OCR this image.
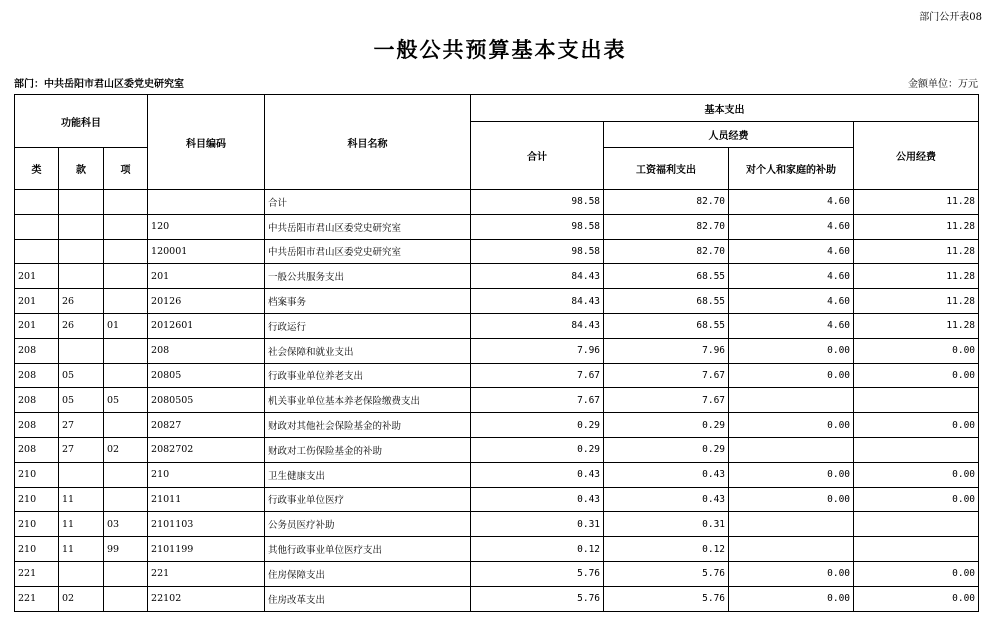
部门公开表08
一般公共预算基本支出表
部门：中共岳阳市君山区委党史研究室	金额单位：万元
功能科目			科目编码	科目名称	基本支出			
					合计	人员经费		公用经费
类	款	项				工资福利支出	对个人和家庭的补助	
				合计	98.58	82.70	4.60	11.28
			120	中共岳阳市君山区委党史研究室	98.58	82.70	4.60	11.28
			120001	中共岳阳市君山区委党史研究室	98.58	82.70	4.60	11.28
201			201	一般公共服务支出	84.43	68.55	4.60	11.28
201	26		20126	档案事务	84.43	68.55	4.60	11.28
201	26	01	2012601	行政运行	84.43	68.55	4.60	11.28
208			208	社会保障和就业支出	7.96	7.96	0.00	0.00
208	05		20805	行政事业单位养老支出	7.67	7.67	0.00	0.00
208	05	05	2080505	机关事业单位基本养老保险缴费支出	7.67	7.67		
208	27		20827	财政对其他社会保险基金的补助	0.29	0.29	0.00	0.00
208	27	02	2082702	财政对工伤保险基金的补助	0.29	0.29		
210			210	卫生健康支出	0.43	0.43	0.00	0.00
210	11		21011	行政事业单位医疗	0.43	0.43	0.00	0.00
210	11	03	2101103	公务员医疗补助	0.31	0.31		
210	11	99	2101199	其他行政事业单位医疗支出	0.12	0.12		
221			221	住房保障支出	5.76	5.76	0.00	0.00
221	02		22102	住房改革支出	5.76	5.76	0.00	0.00
